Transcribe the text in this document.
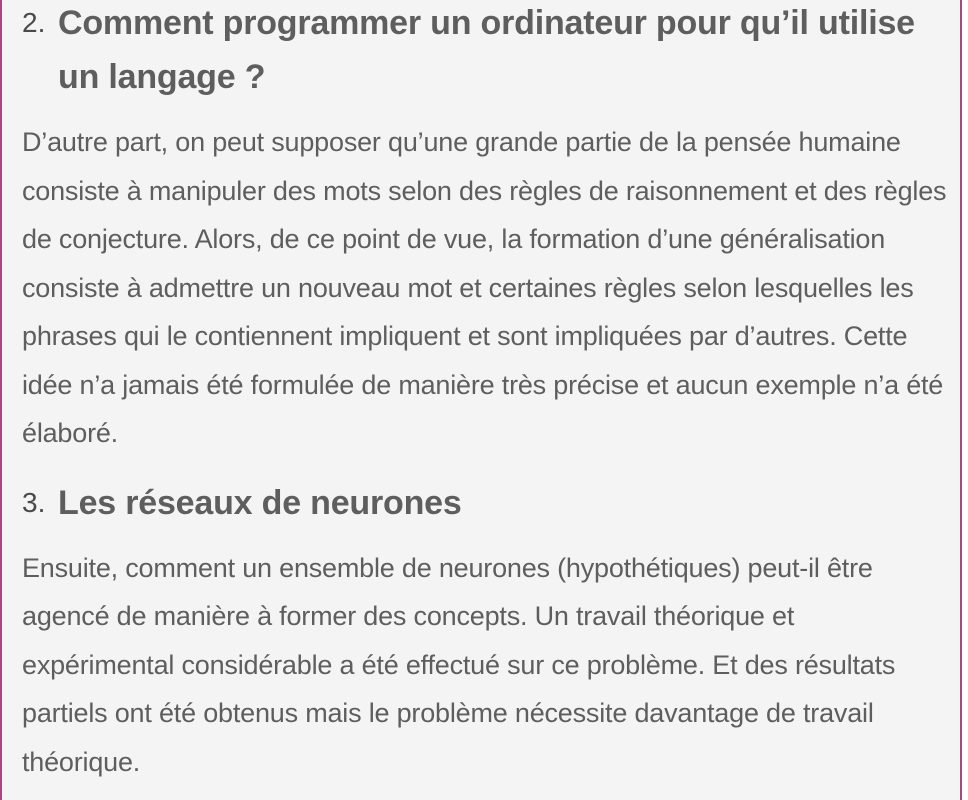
2. Comment programmer un ordinateur pour qu’il utilise un langage ?

D’autre part, on peut supposer qu’une grande partie de la pensée humaine consiste à manipuler des mots selon des règles de raisonnement et des règles de conjecture. Alors, de ce point de vue, la formation d’une généralisation consiste à admettre un nouveau mot et certaines règles selon lesquelles les phrases qui le contiennent impliquent et sont impliquées par d’autres. Cette idée n’a jamais été formulée de manière très précise et aucun exemple n’a été élaboré.

3. Les réseaux de neurones

Ensuite, comment un ensemble de neurones (hypothétiques) peut-il être agencé de manière à former des concepts. Un travail théorique et expérimental considérable a été effectué sur ce problème. Et des résultats partiels ont été obtenus mais le problème nécessite davantage de travail théorique.
